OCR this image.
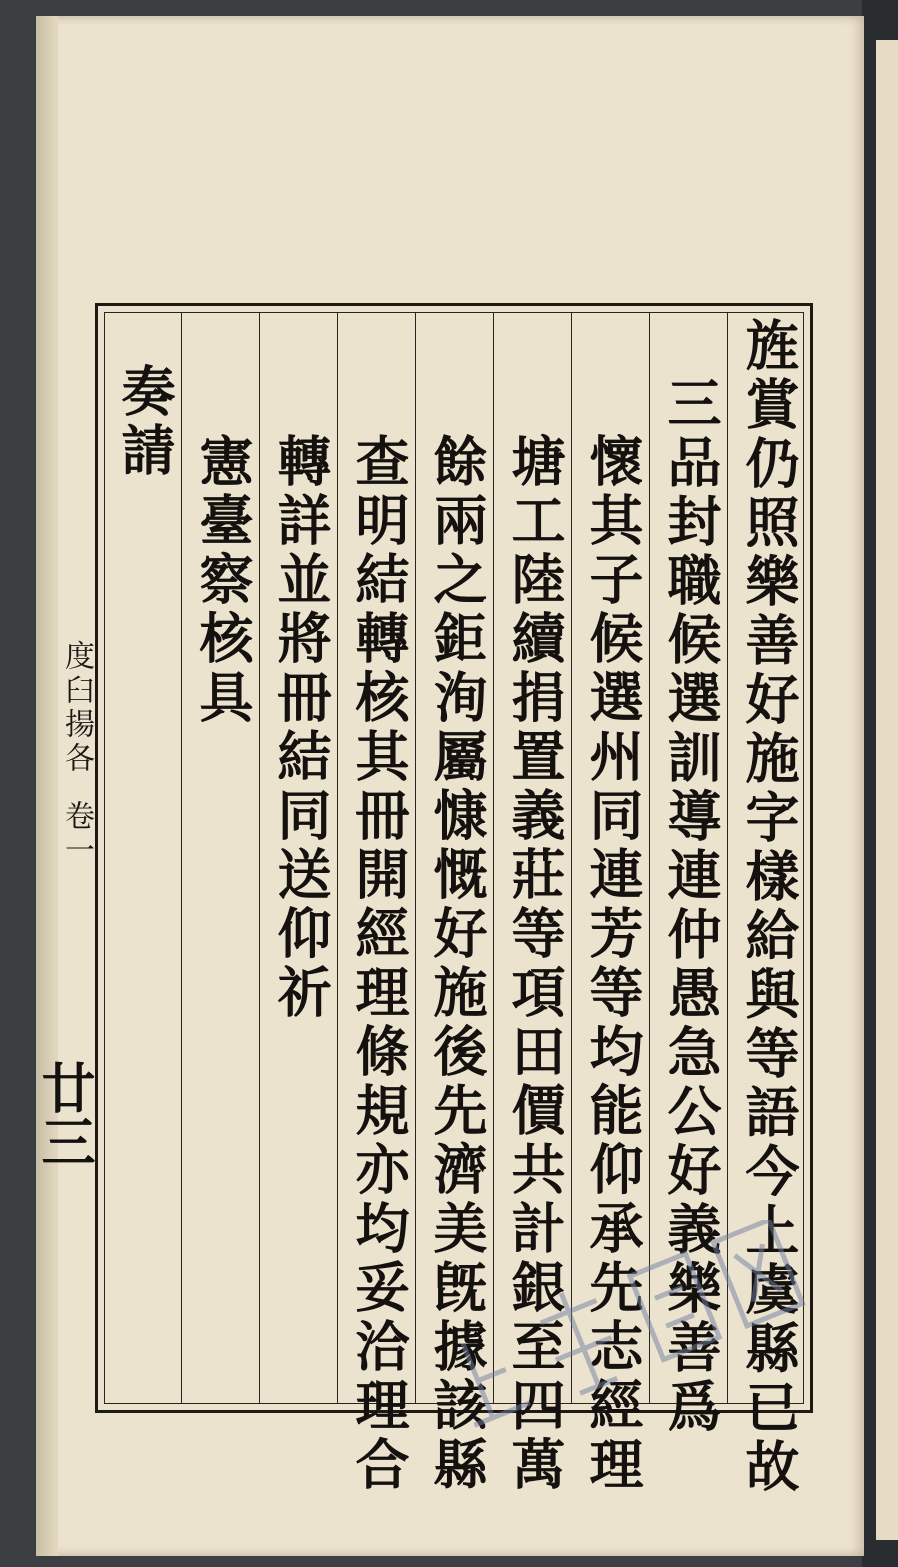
度臼揚各 卷一
廿三	旌賞仍照樂善好施字樣給與等語今上虞縣已故
三品封職候選訓導連仲愚急公好義樂善爲
懷其子候選州同連芳等均能仰承先志經理
塘工陸續捐置義莊等項田價共計銀至四萬
餘兩之鉅洵屬慷慨好施後先濟美旣據該縣
查明結轉核其冊開經理條規亦均妥洽理合
轉詳並將冊結同送仰祈
憲臺察核具
奏請
